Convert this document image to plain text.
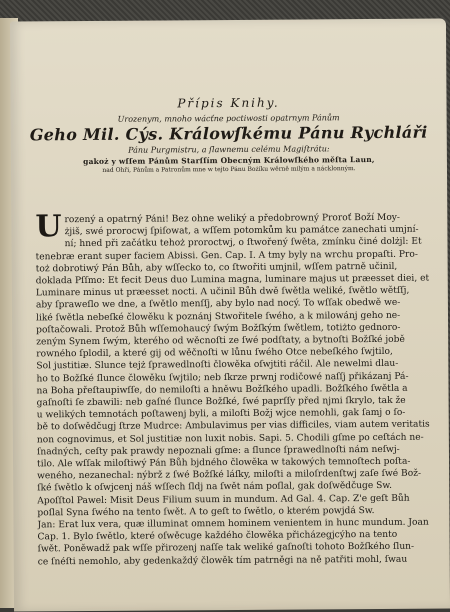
Přípis Knihy.
Urozenym, mnoho wácťne poctiwosti opatrnym Pánům
Geho Mil. Cýs. Králowſkému Pánu Rychláři
Pánu Purgmistru, a ſlawnemu celému Magiſtrátu:
gakoż y wſſem Pánům Starſſím Obecným Králowſkého měſta Laun,
nad Ohři, Pánům a Patronům mne w tejto Pánu Bożíku wěrně milým a nácklonným.
U rozený a opatrný Páni! Bez ohne weliký a předobrowný Proroť Boží Moy-
żjiš, swé prorocwj ſpiſowat, a wſſem potomkům ku památce zanechati umjní-
ní; hned při začátku tehoż proroctwj, o ſtwořený ſwěta, zmínku činé dolżjl: Et
tenebræ erant super faciem Abissi. Gen. Cap. I. A tmy byly na wrchu propaſti. Pro-
toż dobrotiwý Pán Bůh, aby wſſecko to, co ſtwořiti umjnil, wſſem patrně učinil,
doklada Pſſmo: Et fecit Deus duo Lumina magna, luminare majus ut præesset diei, et
Luminare minus ut præesset nocti. A učinil Bůh dwě ſwětla weliké, ſwětlo wětſſj,
aby ſpraweſlo we dne, a ſwětlo menſſj, aby bylo nad nocý. To wſſak obedwě we-
liké ſwětla nebeſké člowěku k poznánj Stwořitele ſwého, a k milowánj geho ne-
poſtačowali. Protož Bůh wſſemohaucý ſwým Božſkým ſwětlem, totiżto gednoro-
zeným Synem ſwým, kterého od wěcnoſti ze ſwé podſtaty, a bytnoſti Božſké jobě
rowného ſplodil, a které gij od wěčnoſti w lůnu ſwého Otce nebeſkého ſwjtilo,
Sol justitiæ. Slunce tejż ſprawedlnoſti člowěka oſwjtiti ráčil. Ale newelmi dlau-
ho to Božſké ſlunce člowěku ſwjtilo; neb ſkrze prwnj rodičowé naſſj přikázanj Pá-
na Boha přeſtaupiwſſe, do nemiloſti a hněwu Božſkého upadli. Božſkého ſwětla a
gaſnoſti ſe zbawili: neb gaſné ſlunce Božſké, ſwé paprſſy před njmi ſkrylo, tak že
u welikých temnotách poſtawenj byli, a miloſti Božj wjce nemohli, gak ſamj o ſo-
bě to doſwědčugj ſtrze Mudrce: Ambulavimus per vias difficiles, viam autem veritatis
non cognovimus, et Sol justitiæ non luxit nobis. Sapi. 5. Chodili gſme po ceſtách ne-
ſnadných, ceſty pak prawdy nepoznali gſme: a ſlunce ſprawedlnoſti nám neſwj-
tilo. Ale wſſak miloſtiwý Pán Bůh bjdného člowěka w takowých temnoſtech poſta-
weného, nezanechal: nýbrž z ſwé Božſké láſky, miloſti a miloſrdenſtwj zaſe ſwé Bož-
ſké ſwětlo k oſwjcenj náš wſſech ſldj na ſwět nám poſlal, gak doſwědčuge Sw.
Apoſſtol Pawel: Misit Deus Filium suum in mundum. Ad Gal. 4. Cap. Z'e geſt Bůh
poſlal Syna ſwého na tento ſwět. A to geſt to ſwětlo, o kterém powjdá Sw.
Jan: Erat lux vera, quæ illuminat omnem hominem venientem in hunc mundum. Joan
Cap. 1. Bylo ſwětlo, které oſwěcuge každého člowěka přicházegjcýho na tento
ſwět. Poněwadž pak wſſe přirozenj naſſe tak weliké gaſnoſti tohoto Božſkého ſlun-
ce ſnéſti nemohlo, aby gedenkaždý člowěk tím patrněgi na ně patřiti mohl, ſwau
